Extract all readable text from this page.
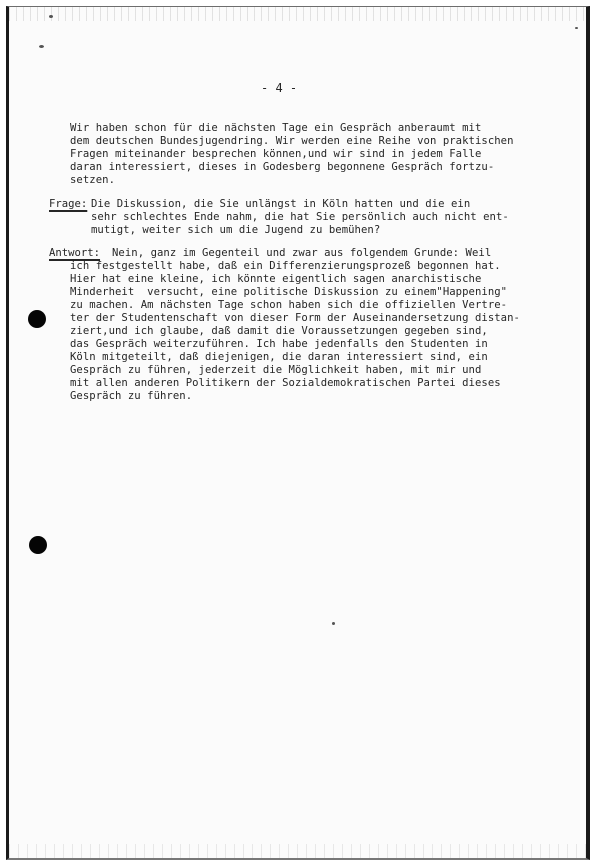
- 4 -
Wir haben schon für die nächsten Tage ein Gespräch anberaumt mit
dem deutschen Bundesjugendring. Wir werden eine Reihe von praktischen
Fragen miteinander besprechen können,und wir sind in jedem Falle
daran interessiert, dieses in Godesberg begonnene Gespräch fortzu-
setzen.
Frage: Die Diskussion, die Sie unlängst in Köln hatten und die ein
sehr schlechtes Ende nahm, die hat Sie persönlich auch nicht ent-
mutigt, weiter sich um die Jugend zu bemühen?
Antwort: Nein, ganz im Gegenteil und zwar aus folgendem Grunde: Weil
ich festgestellt habe, daß ein Differenzierungsprozeß begonnen hat.
Hier hat eine kleine, ich könnte eigentlich sagen anarchistische
Minderheit  versucht, eine politische Diskussion zu einem"Happening"
zu machen. Am nächsten Tage schon haben sich die offiziellen Vertre-
ter der Studentenschaft von dieser Form der Auseinandersetzung distan-
ziert,und ich glaube, daß damit die Voraussetzungen gegeben sind,
das Gespräch weiterzuführen. Ich habe jedenfalls den Studenten in
Köln mitgeteilt, daß diejenigen, die daran interessiert sind, ein
Gespräch zu führen, jederzeit die Möglichkeit haben, mit mir und
mit allen anderen Politikern der Sozialdemokratischen Partei dieses
Gespräch zu führen.
